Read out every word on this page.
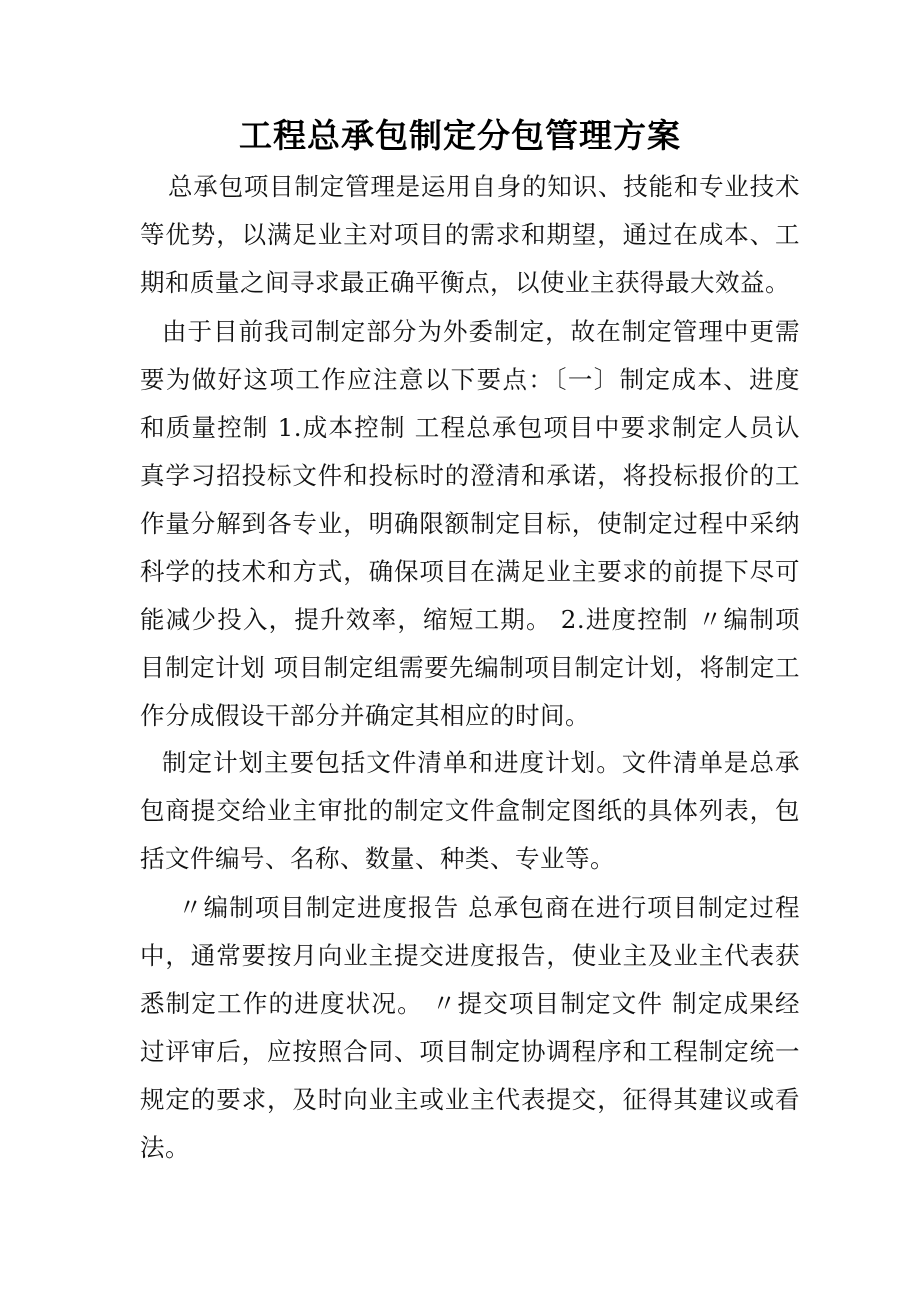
工程总承包制定分包管理方案

总承包项目制定管理是运用自身的知识、技能和专业技术等优势，以满足业主对项目的需求和期望，通过在成本、工期和质量之间寻求最正确平衡点，以使业主获得最大效益。

由于目前我司制定部分为外委制定，故在制定管理中更需要为做好这项工作应注意以下要点：〔一〕制定成本、进度和质量控制 1.成本控制 工程总承包项目中要求制定人员认真学习招投标文件和投标时的澄清和承诺，将投标报价的工作量分解到各专业，明确限额制定目标，使制定过程中采纳科学的技术和方式，确保项目在满足业主要求的前提下尽可能减少投入，提升效率，缩短工期。 2.进度控制 〃编制项目制定计划 项目制定组需要先编制项目制定计划，将制定工作分成假设干部分并确定其相应的时间。

制定计划主要包括文件清单和进度计划。文件清单是总承包商提交给业主审批的制定文件盒制定图纸的具体列表，包括文件编号、名称、数量、种类、专业等。

〃编制项目制定进度报告 总承包商在进行项目制定过程中，通常要按月向业主提交进度报告，使业主及业主代表获悉制定工作的进度状况。 〃提交项目制定文件 制定成果经过评审后，应按照合同、项目制定协调程序和工程制定统一规定的要求，及时向业主或业主代表提交，征得其建议或看法。
